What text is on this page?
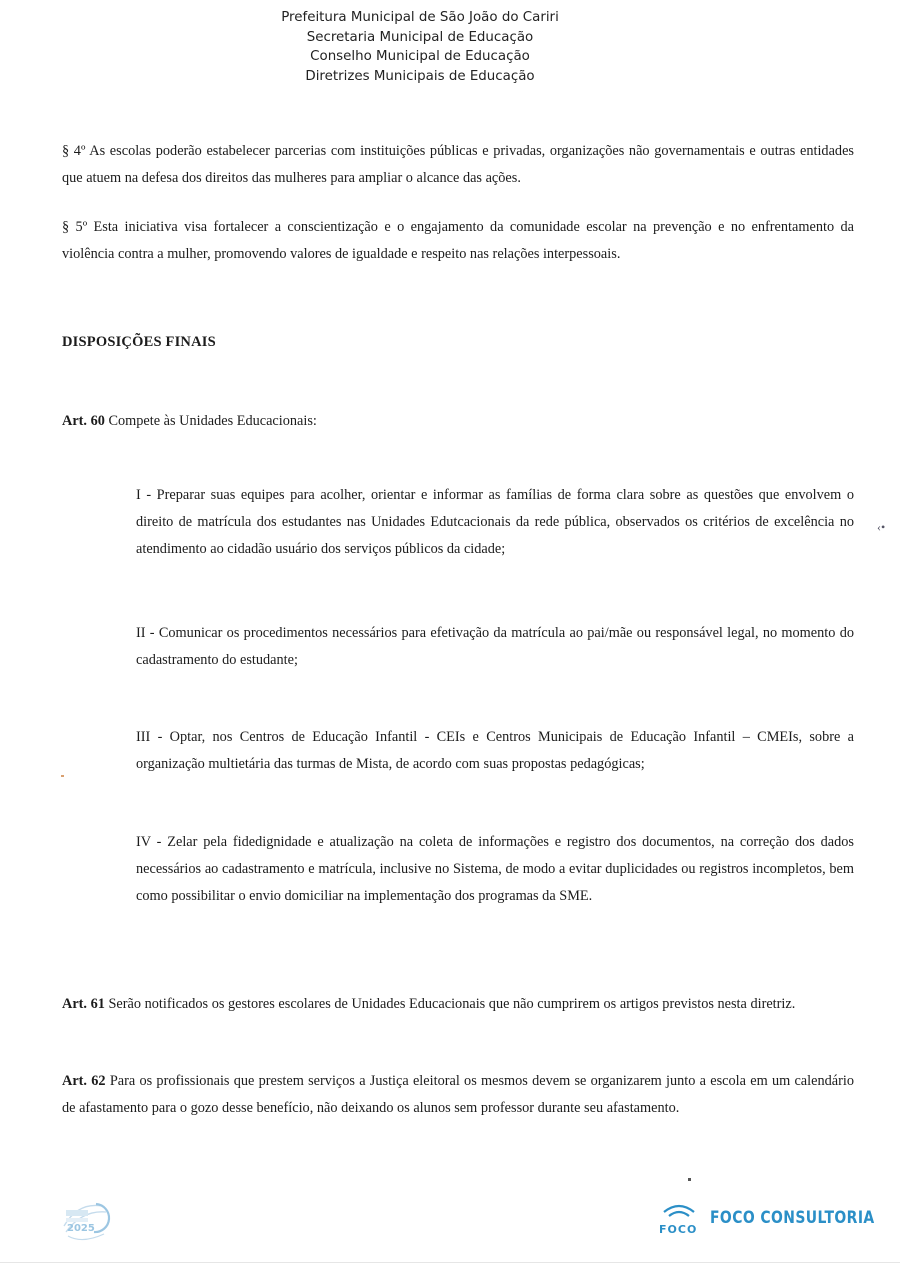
Prefeitura Municipal de São João do Cariri
Secretaria Municipal de Educação
Conselho Municipal de Educação
Diretrizes Municipais de Educação

§ 4º As escolas poderão estabelecer parcerias com instituições públicas e privadas, organizações não governamentais e outras entidades que atuem na defesa dos direitos das mulheres para ampliar o alcance das ações.

§ 5º Esta iniciativa visa fortalecer a conscientização e o engajamento da comunidade escolar na prevenção e no enfrentamento da violência contra a mulher, promovendo valores de igualdade e respeito nas relações interpessoais.

DISPOSIÇÕES FINAIS

Art. 60 Compete às Unidades Educacionais:

I - Preparar suas equipes para acolher, orientar e informar as famílias de forma clara sobre as questões que envolvem o direito de matrícula dos estudantes nas Unidades Edutcacionais da rede pública, observados os critérios de excelência no atendimento ao cidadão usuário dos serviços públicos da cidade;

II - Comunicar os procedimentos necessários para efetivação da matrícula ao pai/mãe ou responsável legal, no momento do cadastramento do estudante;

III - Optar, nos Centros de Educação Infantil - CEIs e Centros Municipais de Educação Infantil – CMEIs, sobre a organização multietária das turmas de Mista, de acordo com suas propostas pedagógicas;

IV - Zelar pela fidedignidade e atualização na coleta de informações e registro dos documentos, na correção dos dados necessários ao cadastramento e matrícula, inclusive no Sistema, de modo a evitar duplicidades ou registros incompletos, bem como possibilitar o envio domiciliar na implementação dos programas da SME.

Art. 61 Serão notificados os gestores escolares de Unidades Educacionais que não cumprirem os artigos previstos nesta diretriz.

Art. 62 Para os profissionais que prestem serviços a Justiça eleitoral os mesmos devem se organizarem junto a escola em um calendário de afastamento para o gozo desse benefício, não deixando os alunos sem professor durante seu afastamento.

‹•
2025	FOCO
FOCO CONSULTORIA
